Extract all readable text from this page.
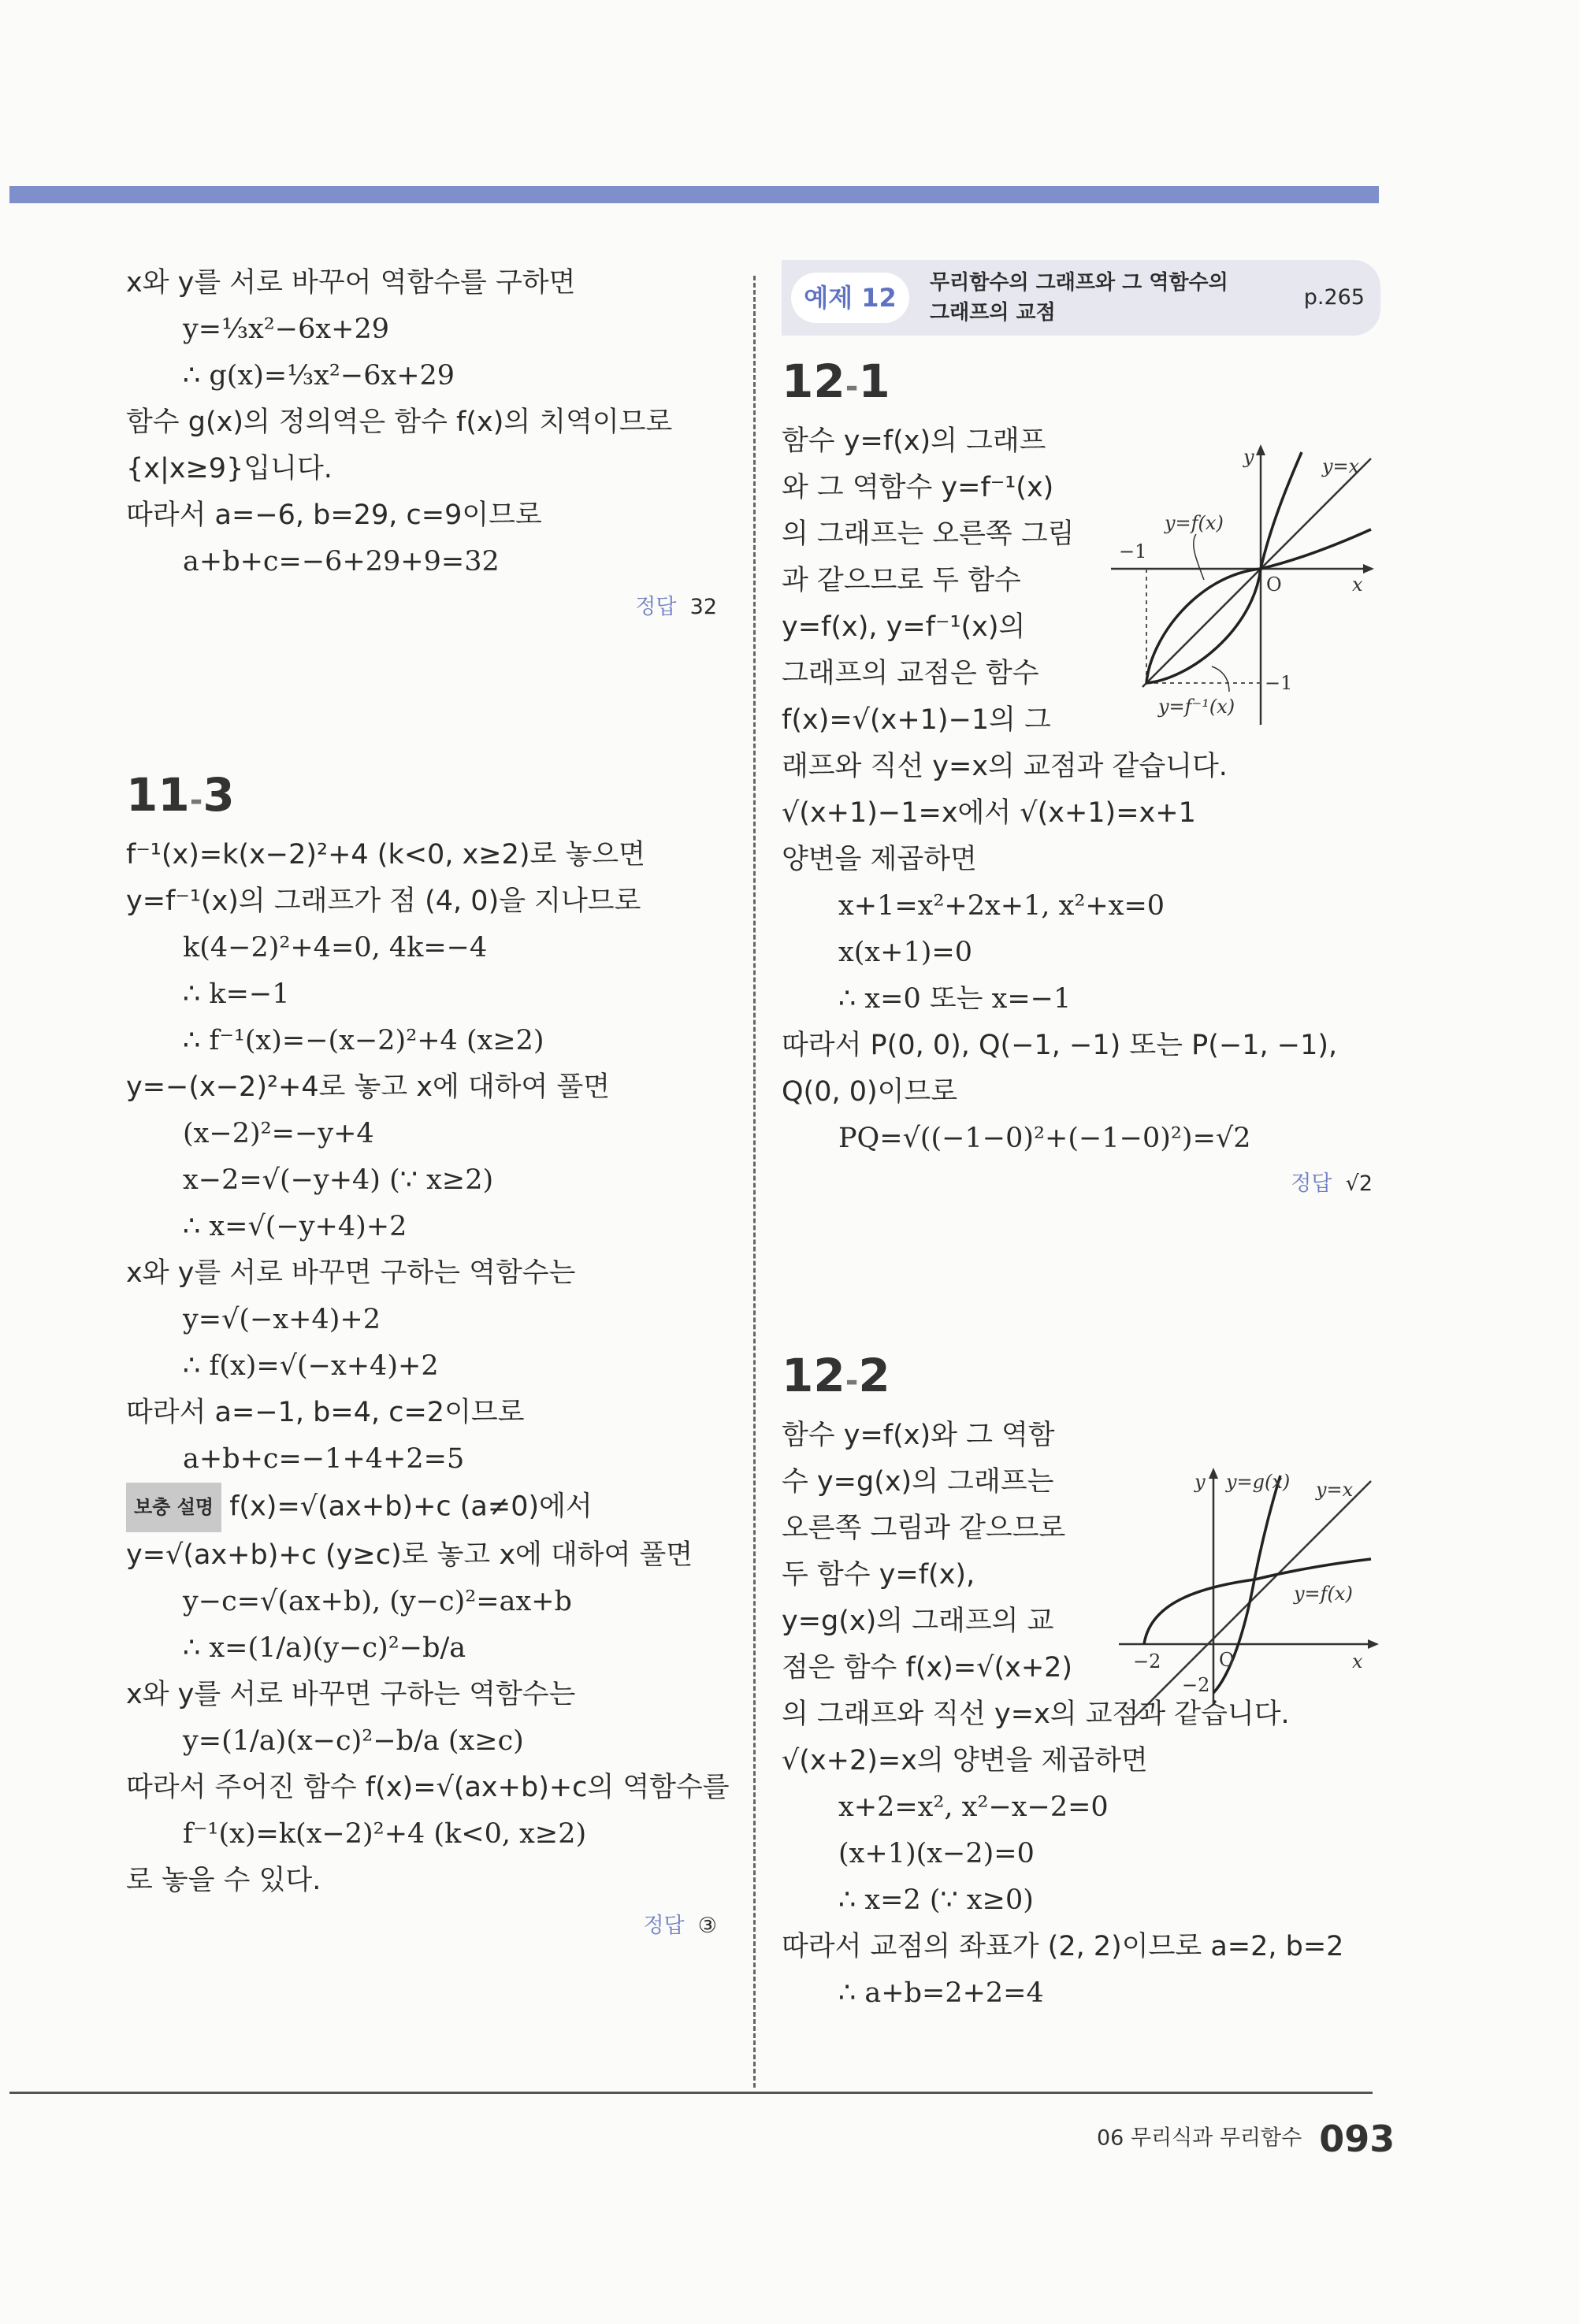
x와 y를 서로 바꾸어 역함수를 구하면
y=⅓x²−6x+29
∴ g(x)=⅓x²−6x+29
함수 g(x)의 정의역은 함수 f(x)의 치역이므로
{x|x≥9}입니다.
따라서 a=−6, b=29, c=9이므로
a+b+c=−6+29+9=32
정답 32
11-3
f⁻¹(x)=k(x−2)²+4 (k<0, x≥2)로 놓으면
y=f⁻¹(x)의 그래프가 점 (4, 0)을 지나므로
k(4−2)²+4=0, 4k=−4
∴ k=−1
∴ f⁻¹(x)=−(x−2)²+4 (x≥2)
y=−(x−2)²+4로 놓고 x에 대하여 풀면
(x−2)²=−y+4
x−2=√(−y+4) (∵ x≥2)
∴ x=√(−y+4)+2
x와 y를 서로 바꾸면 구하는 역함수는
y=√(−x+4)+2
∴ f(x)=√(−x+4)+2
따라서 a=−1, b=4, c=2이므로
a+b+c=−1+4+2=5
보충 설명 f(x)=√(ax+b)+c (a≠0)에서
y=√(ax+b)+c (y≥c)로 놓고 x에 대하여 풀면
y−c=√(ax+b), (y−c)²=ax+b
∴ x=(1/a)(y−c)²−b/a
x와 y를 서로 바꾸면 구하는 역함수는
y=(1/a)(x−c)²−b/a (x≥c)
따라서 주어진 함수 f(x)=√(ax+b)+c의 역함수를
f⁻¹(x)=k(x−2)²+4 (k<0, x≥2)
로 놓을 수 있다.
정답 ③
예제 12	무리함수의 그래프와 그 역함수의
그래프의 교점
p.265
12-1
함수 y=f(x)의 그래프
와 그 역함수 y=f⁻¹(x)
의 그래프는 오른쪽 그림
과 같으므로 두 함수
y=f(x), y=f⁻¹(x)의
그래프의 교점은 함수
f(x)=√(x+1)−1의 그
래프와 직선 y=x의 교점과 같습니다.
√(x+1)−1=x에서 √(x+1)=x+1
양변을 제곱하면
x+1=x²+2x+1, x²+x=0
x(x+1)=0
∴ x=0 또는 x=−1
따라서 P(0, 0), Q(−1, −1) 또는 P(−1, −1),
Q(0, 0)이므로
PQ=√((−1−0)²+(−1−0)²)=√2
정답 √2
12-2
함수 y=f(x)와 그 역함
수 y=g(x)의 그래프는
오른쪽 그림과 같으므로
두 함수 y=f(x),
y=g(x)의 그래프의 교
점은 함수 f(x)=√(x+2)
의 그래프와 직선 y=x의 교점과 같습니다.
√(x+2)=x의 양변을 제곱하면
x+2=x², x²−x−2=0
(x+1)(x−2)=0
∴ x=2 (∵ x≥0)
따라서 교점의 좌표가 (2, 2)이므로 a=2, b=2
∴ a+b=2+2=4
y
x
O
y=x
y=f(x)
y=f⁻¹(x)
−1
−1
y
x
O
y=g(x) y=x
y=f(x)
−2
−2
06 무리식과 무리함수 093
